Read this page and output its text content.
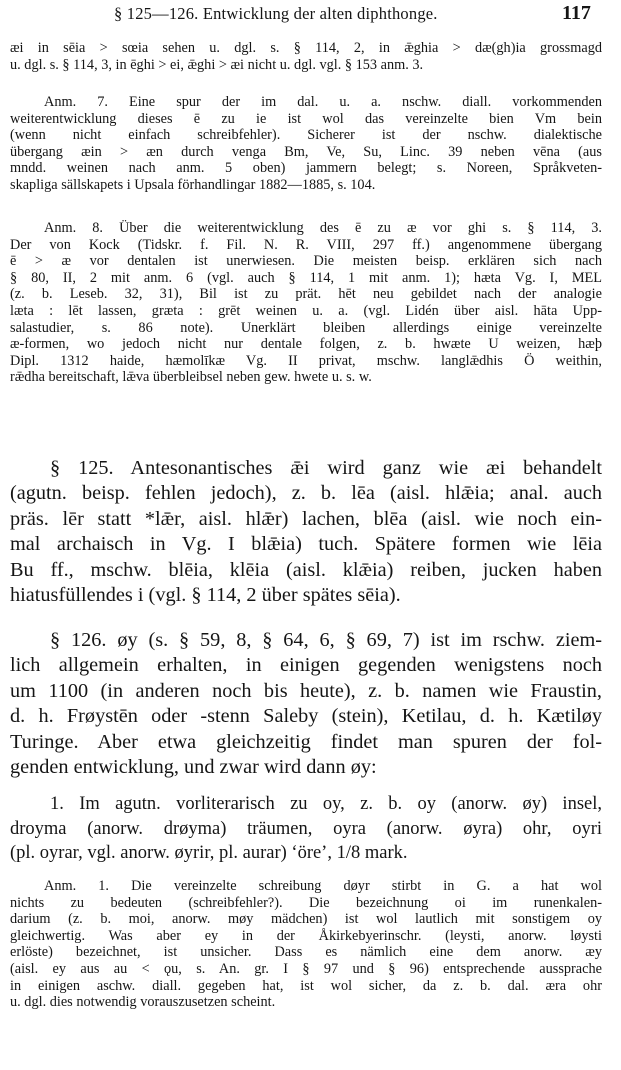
§ 125—126. Entwicklung der alten diphthonge.	117
æi in sēia > sœia sehen u. dgl. s. § 114, 2, in ǣghia > dæ(gh)ia grossmagd
u. dgl. s. § 114, 3, in ēghi > ei, ǣghi > æi nicht u. dgl. vgl. § 153 anm. 3.
Anm. 7. Eine spur der im dal. u. a. nschw. diall. vorkommenden
weiterentwicklung dieses ē zu ie ist wol das vereinzelte bien Vm bein
(wenn nicht einfach schreibfehler). Sicherer ist der nschw. dialektische
übergang æin > æn durch venga Bm, Ve, Su, Linc. 39 neben vēna (aus
mndd. weinen nach anm. 5 oben) jammern belegt; s. Noreen, Språkveten-
skapliga sällskapets i Upsala förhandlingar 1882—1885, s. 104.
Anm. 8. Über die weiterentwicklung des ē zu æ vor ghi s. § 114, 3.
Der von Kock (Tidskr. f. Fil. N. R. VIII, 297 ff.) angenommene übergang
ē > æ vor dentalen ist unerwiesen. Die meisten beisp. erklären sich nach
§ 80, II, 2 mit anm. 6 (vgl. auch § 114, 1 mit anm. 1); hæta Vg. I, MEL
(z. b. Leseb. 32, 31), Bil ist zu prät. hēt neu gebildet nach der analogie
læta : lēt lassen, græta : grēt weinen u. a. (vgl. Lidén über aisl. hāta Upp-
salastudier, s. 86 note). Unerklärt bleiben allerdings einige vereinzelte
æ-formen, wo jedoch nicht nur dentale folgen, z. b. hwæte U weizen, hæþ
Dipl. 1312 haide, hæmolīkæ Vg. II privat, mschw. langlǣdhis Ö weithin,
rǣdha bereitschaft, lǣva überbleibsel neben gew. hwete u. s. w.
§ 125. Antesonantisches ǣi wird ganz wie æi behandelt
(agutn. beisp. fehlen jedoch), z. b. lēa (aisl. hlǣia; anal. auch
präs. lēr statt *lǣr, aisl. hlǣr) lachen, blēa (aisl. wie noch ein-
mal archaisch in Vg. I blǣia) tuch. Spätere formen wie lēia
Bu ff., mschw. blēia, klēia (aisl. klǣia) reiben, jucken haben
hiatusfüllendes i (vgl. § 114, 2 über spätes sēia).
§ 126. øy (s. § 59, 8, § 64, 6, § 69, 7) ist im rschw. ziem-
lich allgemein erhalten, in einigen gegenden wenigstens noch
um 1100 (in anderen noch bis heute), z. b. namen wie Fraustin,
d. h. Frøystēn oder -stenn Saleby (stein), Ketilau, d. h. Kætiløy
Turinge. Aber etwa gleichzeitig findet man spuren der fol-
genden entwicklung, und zwar wird dann øy:
1. Im agutn. vorliterarisch zu oy, z. b. oy (anorw. øy) insel,
droyma (anorw. drøyma) träumen, oyra (anorw. øyra) ohr, oyri
(pl. oyrar, vgl. anorw. øyrir, pl. aurar) ‘öre’, 1/8 mark.
Anm. 1. Die vereinzelte schreibung døyr stirbt in G. a hat wol
nichts zu bedeuten (schreibfehler?). Die bezeichnung oi im runenkalen-
darium (z. b. moi, anorw. møy mädchen) ist wol lautlich mit sonstigem oy
gleichwertig. Was aber ey in der Åkirkebyerinschr. (leysti, anorw. løysti
erlöste) bezeichnet, ist unsicher. Dass es nämlich eine dem anorw. æy
(aisl. ey aus au < ǫu, s. An. gr. I § 97 und § 96) entsprechende aussprache
in einigen aschw. diall. gegeben hat, ist wol sicher, da z. b. dal. æra ohr
u. dgl. dies notwendig vorauszusetzen scheint.
